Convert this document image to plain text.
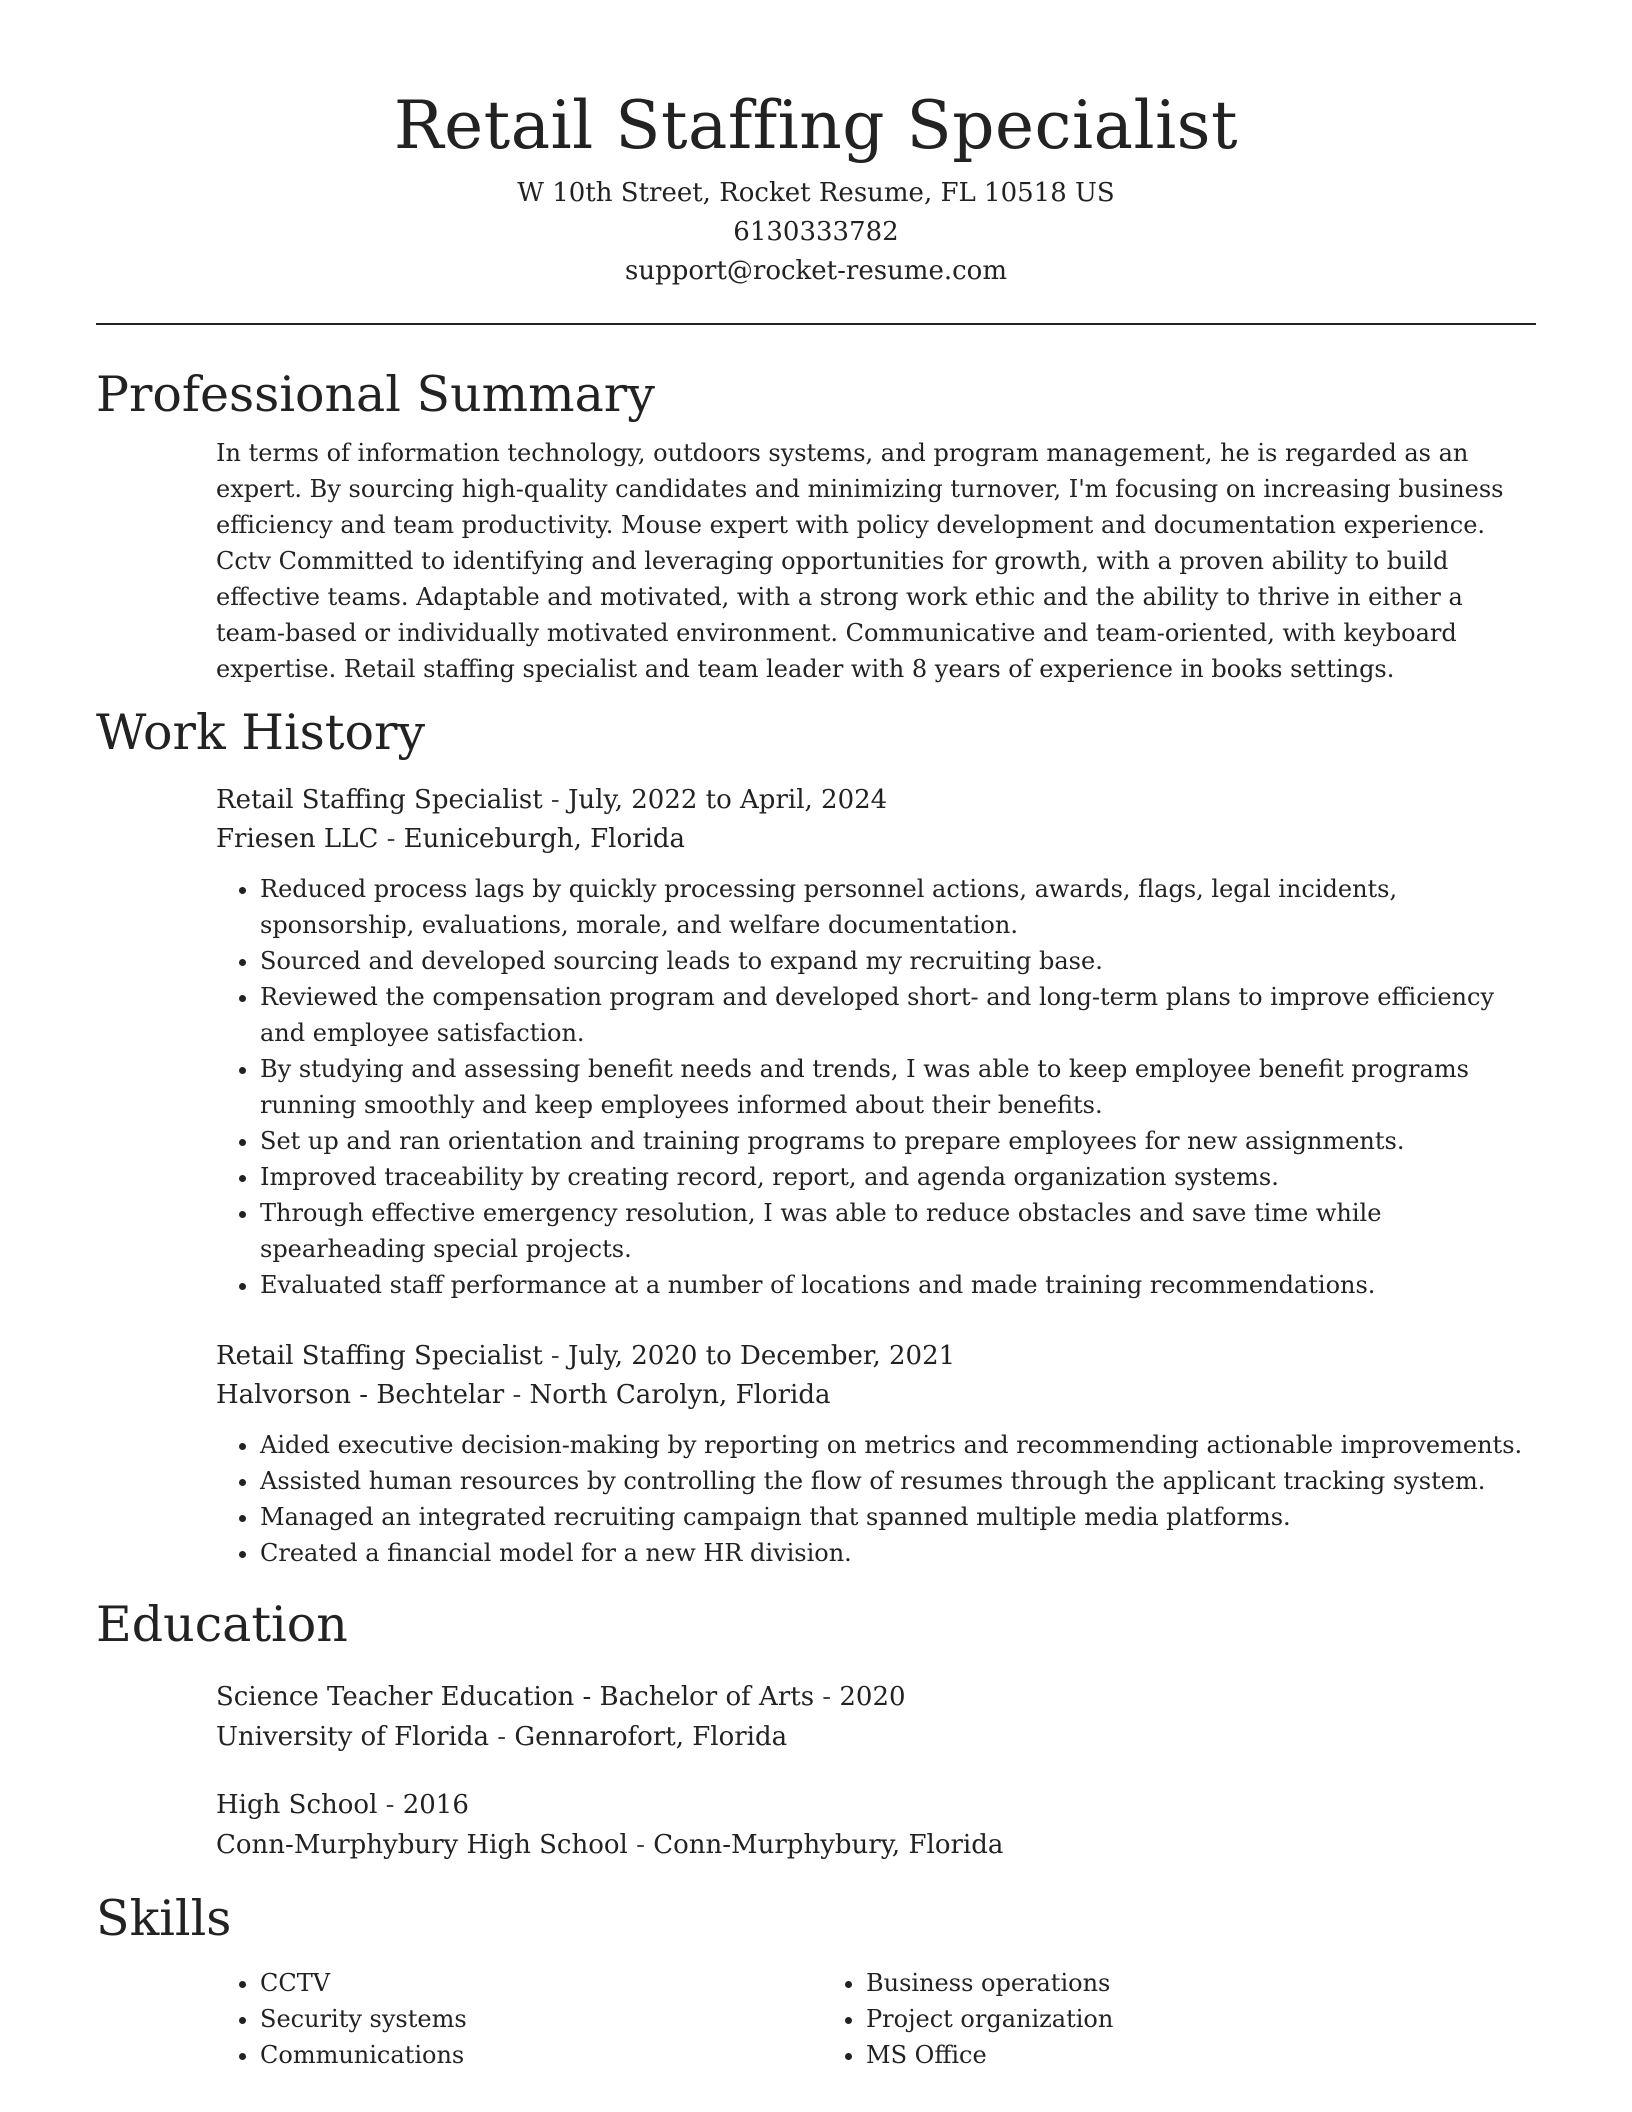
Retail Staffing Specialist
W 10th Street, Rocket Resume, FL 10518 US
6130333782
support@rocket-resume.com
Professional Summary
In terms of information technology, outdoors systems, and program management, he is regarded as an expert. By sourcing high-quality candidates and minimizing turnover, I'm focusing on increasing business efficiency and team productivity. Mouse expert with policy development and documentation experience. Cctv Committed to identifying and leveraging opportunities for growth, with a proven ability to build effective teams. Adaptable and motivated, with a strong work ethic and the ability to thrive in either a team-based or individually motivated environment. Communicative and team-oriented, with keyboard expertise. Retail staffing specialist and team leader with 8 years of experience in books settings.
Work History
Retail Staffing Specialist - July, 2022 to April, 2024
Friesen LLC - Euniceburgh, Florida
• Reduced process lags by quickly processing personnel actions, awards, flags, legal incidents, sponsorship, evaluations, morale, and welfare documentation.
• Sourced and developed sourcing leads to expand my recruiting base.
• Reviewed the compensation program and developed short- and long-term plans to improve efficiency and employee satisfaction.
• By studying and assessing benefit needs and trends, I was able to keep employee benefit programs running smoothly and keep employees informed about their benefits.
• Set up and ran orientation and training programs to prepare employees for new assignments.
• Improved traceability by creating record, report, and agenda organization systems.
• Through effective emergency resolution, I was able to reduce obstacles and save time while spearheading special projects.
• Evaluated staff performance at a number of locations and made training recommendations.
Retail Staffing Specialist - July, 2020 to December, 2021
Halvorson - Bechtelar - North Carolyn, Florida
• Aided executive decision-making by reporting on metrics and recommending actionable improvements.
• Assisted human resources by controlling the flow of resumes through the applicant tracking system.
• Managed an integrated recruiting campaign that spanned multiple media platforms.
• Created a financial model for a new HR division.
Education
Science Teacher Education - Bachelor of Arts - 2020
University of Florida - Gennarofort, Florida
High School - 2016
Conn-Murphybury High School - Conn-Murphybury, Florida
Skills
• CCTV
• Security systems
• Communications
• Business operations
• Project organization
• MS Office
